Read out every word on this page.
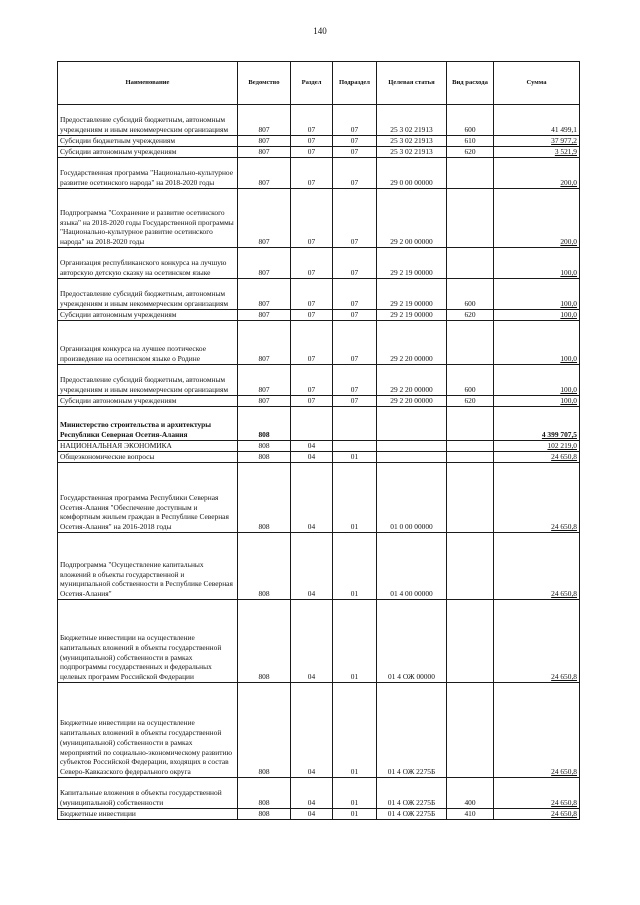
140
Наименование	Ведомство	Раздел	Подраздел	Целевая статья	Вид расхода	Сумма
Предоставление субсидий бюджетным, автономным учреждениям и иным некоммерческим организациям	807	07	07	25 3 02 21913	600	41 499,1
Субсидии бюджетным учреждениям	807	07	07	25 3 02 21913	610	37 977,2
Субсидии автономным учреждениям	807	07	07	25 3 02 21913	620	3 521,9
Государственная программа "Национально-культурное развитие осетинского народа" на 2018-2020 годы	807	07	07	29 0 00 00000		200,0
Подпрограмма "Сохранение и развитие осетинского языка" на 2018-2020 годы Государственной программы "Национально-культурное развитие осетинского народа" на 2018-2020 годы	807	07	07	29 2 00 00000		200,0
Организация республиканского конкурса на лучшую авторскую детскую сказку на осетинском языке	807	07	07	29 2 19 00000		100,0
Предоставление субсидий бюджетным, автономным учреждениям и иным некоммерческим организациям	807	07	07	29 2 19 00000	600	100,0
Субсидии автономным учреждениям	807	07	07	29 2 19 00000	620	100,0
Организация конкурса на лучшее поэтическое произведение на осетинском языке о Родине	807	07	07	29 2 20 00000		100,0
Предоставление субсидий бюджетным, автономным учреждениям и иным некоммерческим организациям	807	07	07	29 2 20 00000	600	100,0
Субсидии автономным учреждениям	807	07	07	29 2 20 00000	620	100,0
Министерство строительства и архитектуры Республики Северная Осетия-Алания	808					4 399 707,5
НАЦИОНАЛЬНАЯ ЭКОНОМИКА	808	04				102 219,0
Общеэкономические вопросы	808	04	01			24 650,8
Государственная программа Республики Северная Осетия-Алания "Обеспечение доступным и комфортным жильем граждан в Республике Северная Осетия-Алания" на 2016-2018 годы	808	04	01	01 0 00 00000		24 650,8
Подпрограмма "Осуществление капитальных вложений в объекты государственной и муниципальной собственности в Республике Северная Осетия-Алания"	808	04	01	01 4 00 00000		24 650,8
Бюджетные инвестиции на осуществление капитальных вложений в объекты государственной (муниципальной) собственности в рамках подпрограммы государственных и федеральных целевых программ Российской Федерации	808	04	01	01 4 ОЖ 00000		24 650,8
Бюджетные инвестиции на осуществление капитальных вложений в объекты государственной (муниципальной) собственности в рамках мероприятий по социально-экономическому развитию субъектов Российской Федерации, входящих в состав Северо-Кавказского федерального округа	808	04	01	01 4 ОЖ 2275Б		24 650,8
Капитальные вложения в объекты государственной (муниципальной) собственности	808	04	01	01 4 ОЖ 2275Б	400	24 650,8
Бюджетные инвестиции	808	04	01	01 4 ОЖ 2275Б	410	24 650,8
